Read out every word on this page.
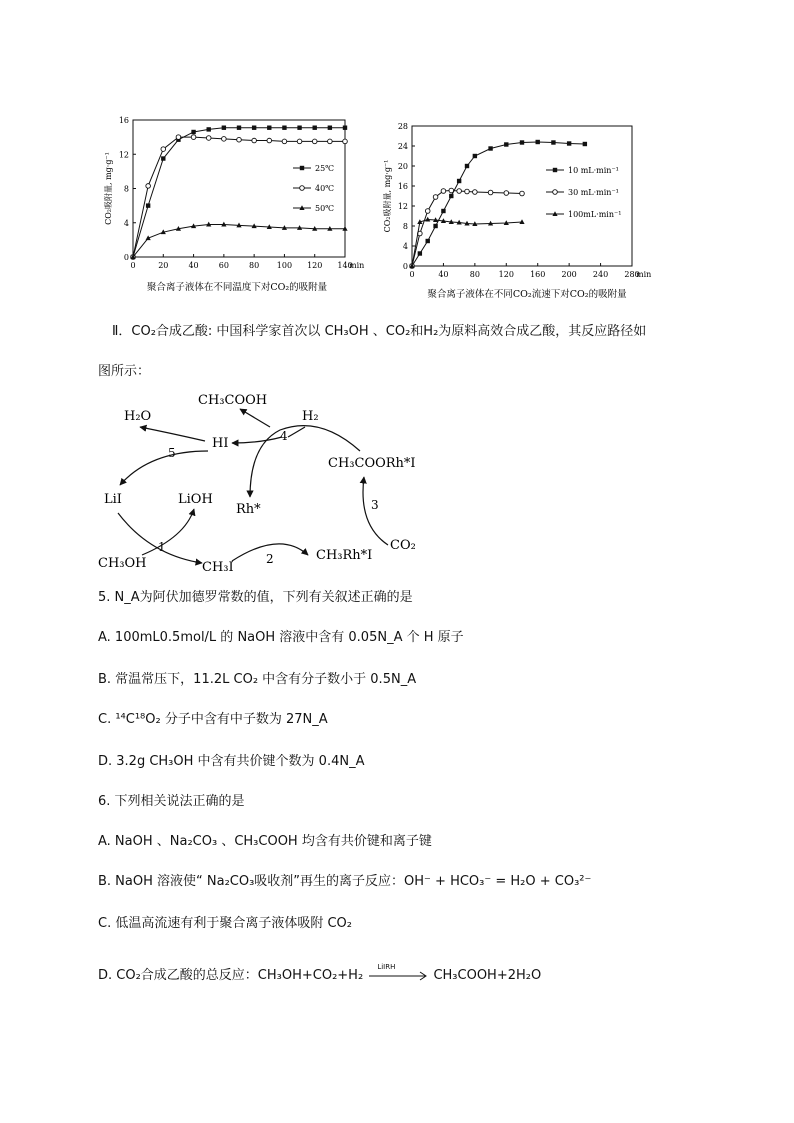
0	20	40	60	80 100 120 140
min
0
4
8
12
16
CO₂吸附量, mg·g⁻¹	25℃
40℃
50℃
聚合离子液体在不同温度下对CO₂的吸附量
0	40	80 120 160 200 240 280
min
0
4
8
12
16
20
24
28
CO₂吸附量, mg·g⁻¹	10 mL·min⁻¹
30 mL·min⁻¹
100mL·min⁻¹
聚合离子液体在不同CO₂流速下对CO₂的吸附量
Ⅱ．CO₂合成乙酸: 中国科学家首次以 CH₃OH 、CO₂和H₂为原料高效合成乙酸，其反应路径如
图所示：
CH₃COOH
H₂O	H₂
HI
CH₃COORh*I
LiI	LiOH
Rh*
CH₃OH	CH₃I
CH₃Rh*I
CO₂
1
2
3
4
5
5. N_A为阿伏加德罗常数的值，下列有关叙述正确的是
A. 100mL0.5mol/L 的 NaOH 溶液中含有 0.05N_A 个 H 原子
B. 常温常压下，11.2L CO₂ 中含有分子数小于 0.5N_A
C. ¹⁴C¹⁸O₂ 分子中含有中子数为 27N_A
D. 3.2g CH₃OH 中含有共价键个数为 0.4N_A
6. 下列相关说法正确的是
A. NaOH 、Na₂CO₃ 、CH₃COOH 均含有共价键和离子键
B. NaOH 溶液使“ Na₂CO₃吸收剂”再生的离子反应：OH⁻ + HCO₃⁻ = H₂O + CO₃²⁻
C. 低温高流速有利于聚合离子液体吸附 CO₂
D. CO₂合成乙酸的总反应：CH₃OH+CO₂+H₂
LiIRH
CH₃COOH+2H₂O
